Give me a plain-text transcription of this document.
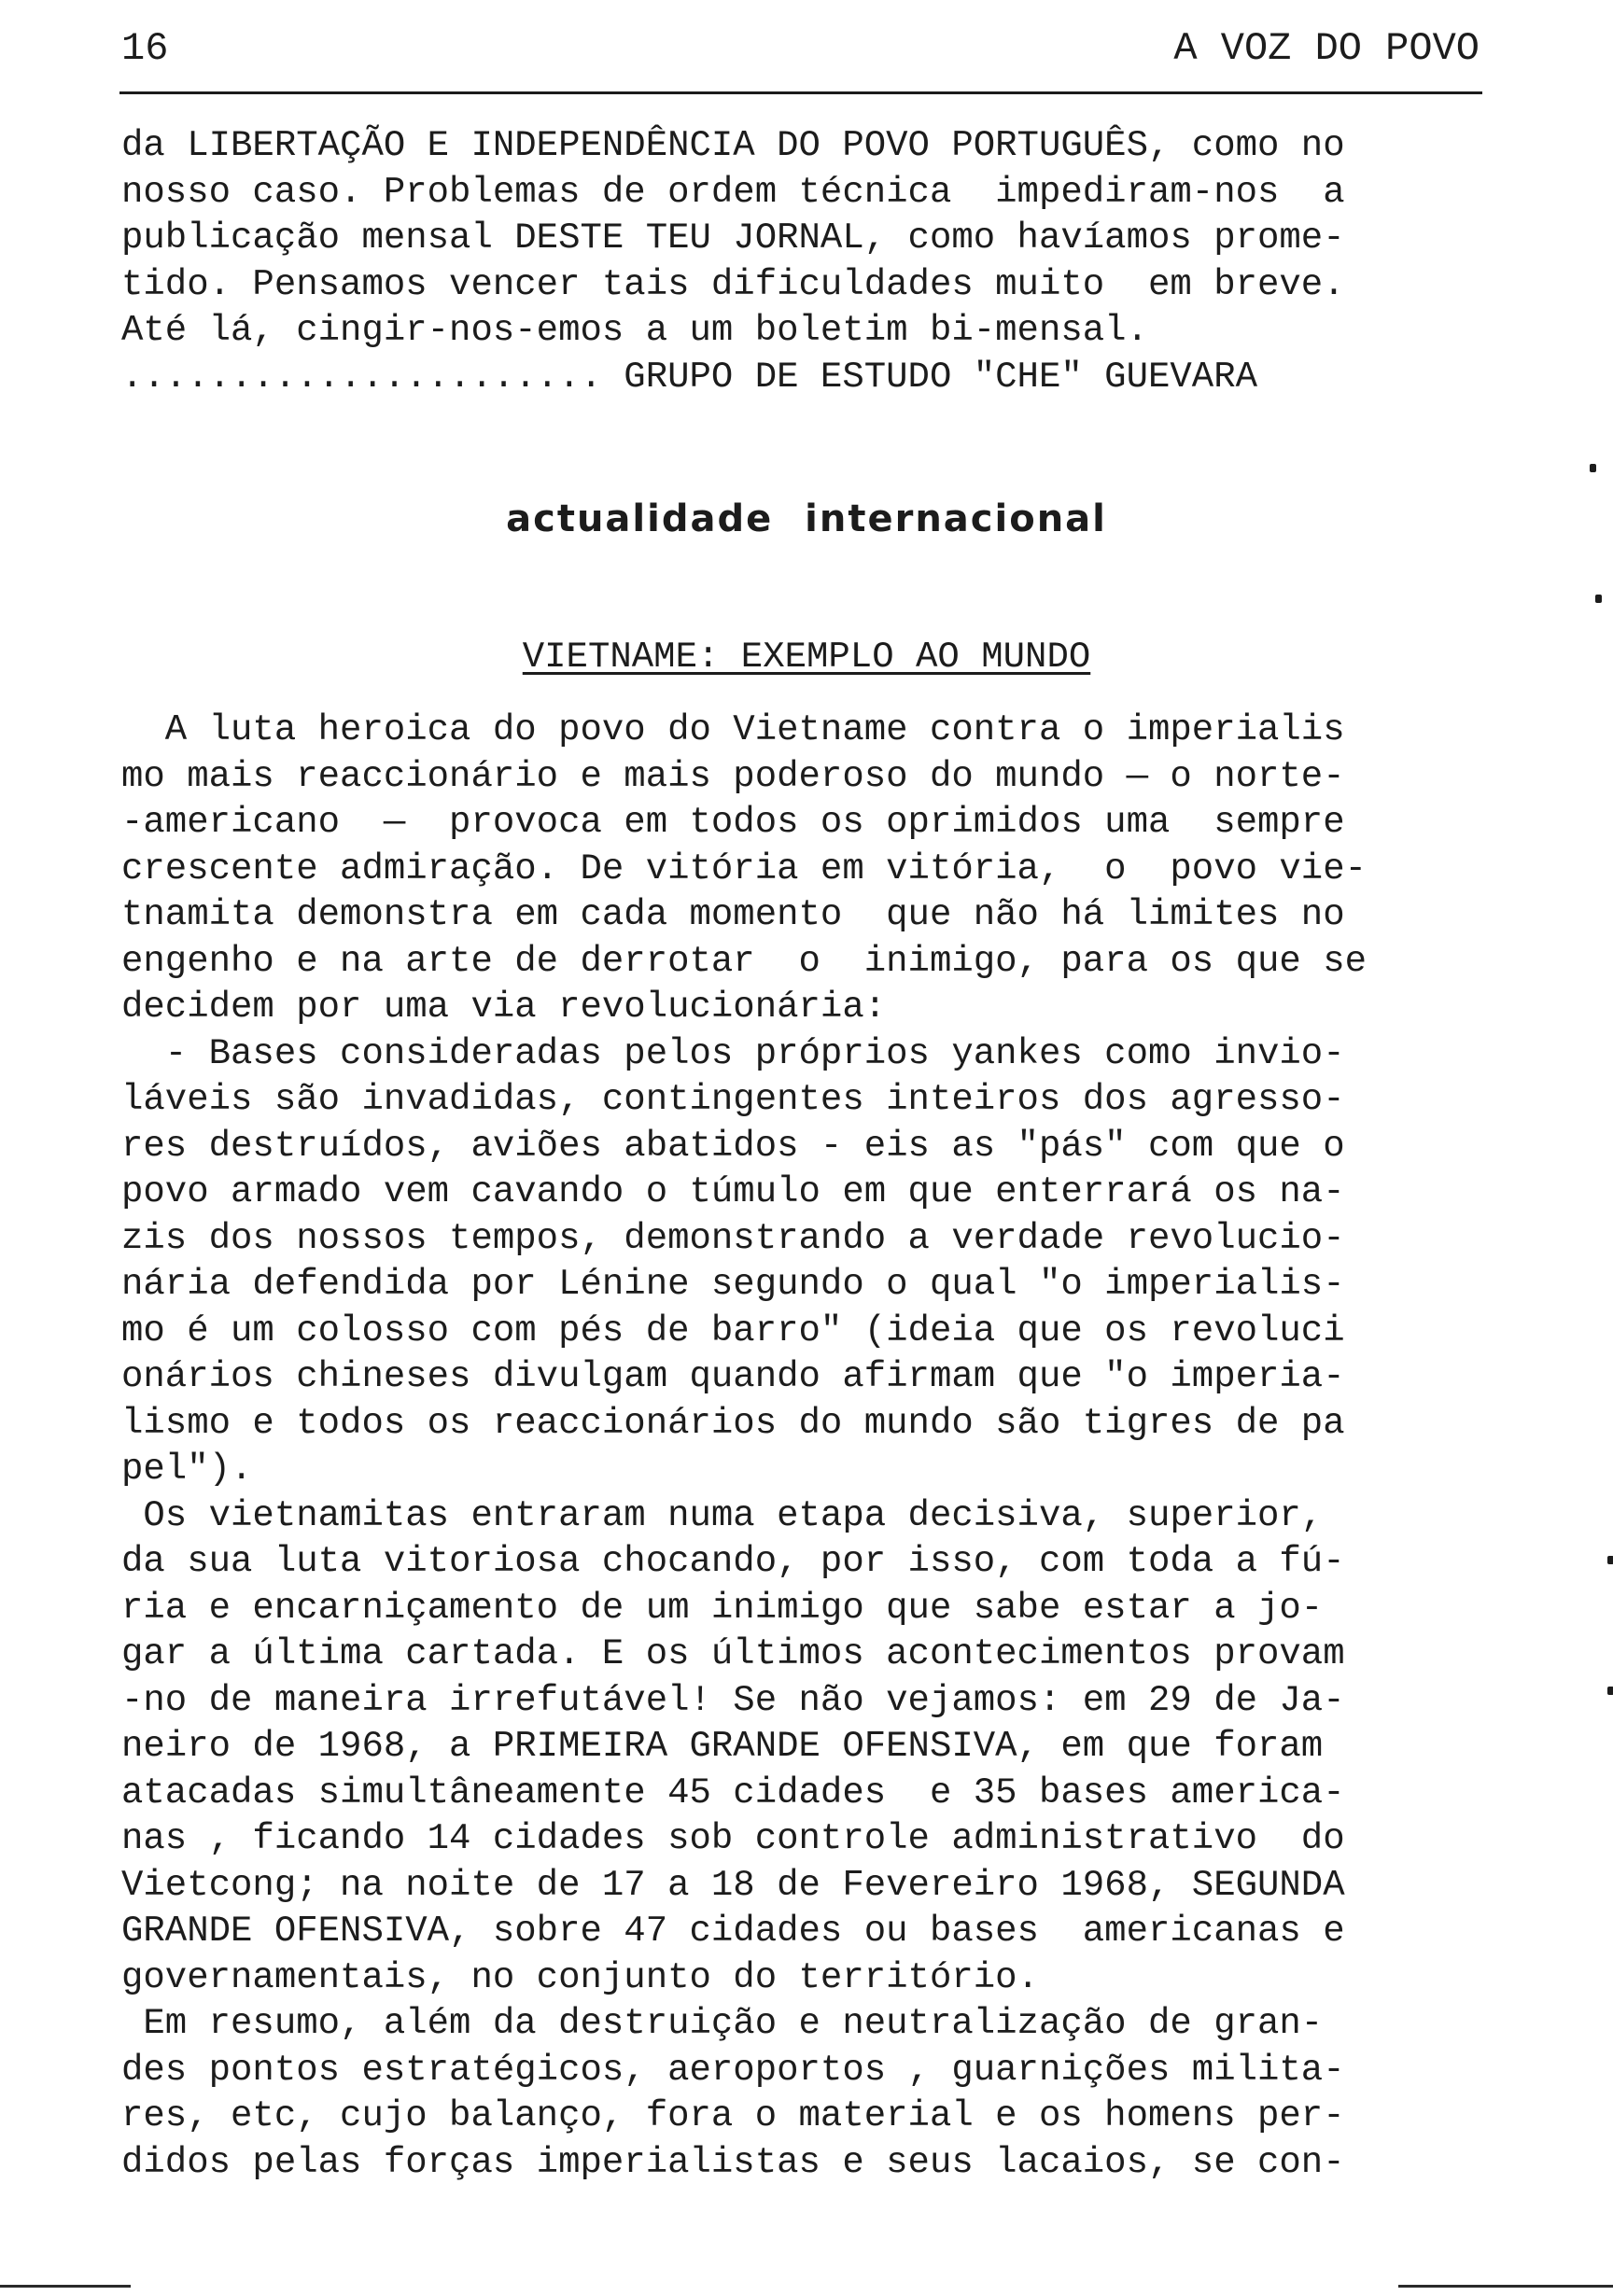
16	A VOZ DO POVO
da LIBERTAÇÃO E INDEPENDÊNCIA DO POVO PORTUGUÊS, como no
nosso caso. Problemas de ordem técnica  impediram-nos  a
publicação mensal DESTE TEU JORNAL, como havíamos prome-
tido. Pensamos vencer tais dificuldades muito  em breve.
Até lá, cingir-nos-emos a um boletim bi-mensal.
...................... GRUPO DE ESTUDO "CHE" GUEVARA
actualidade internacional
VIETNAME: EXEMPLO AO MUNDO
A luta heroica do povo do Vietname contra o imperialis
mo mais reaccionário e mais poderoso do mundo — o norte-
-americano  —  provoca em todos os oprimidos uma  sempre
crescente admiração. De vitória em vitória,  o  povo vie-
tnamita demonstra em cada momento  que não há limites no
engenho e na arte de derrotar  o  inimigo, para os que se
decidem por uma via revolucionária:
- Bases consideradas pelos próprios yankes como invio-
láveis são invadidas, contingentes inteiros dos agresso-
res destruídos, aviões abatidos - eis as "pás" com que o
povo armado vem cavando o túmulo em que enterrará os na-
zis dos nossos tempos, demonstrando a verdade revolucio-
nária defendida por Lénine segundo o qual "o imperialis-
mo é um colosso com pés de barro" (ideia que os revoluci
onários chineses divulgam quando afirmam que "o imperia-
lismo e todos os reaccionários do mundo são tigres de pa
pel").
Os vietnamitas entraram numa etapa decisiva, superior,
da sua luta vitoriosa chocando, por isso, com toda a fú-
ria e encarniçamento de um inimigo que sabe estar a jo-
gar a última cartada. E os últimos acontecimentos provam
-no de maneira irrefutável! Se não vejamos: em 29 de Ja-
neiro de 1968, a PRIMEIRA GRANDE OFENSIVA, em que foram
atacadas simultâneamente 45 cidades  e 35 bases america-
nas , ficando 14 cidades sob controle administrativo  do
Vietcong; na noite de 17 a 18 de Fevereiro 1968, SEGUNDA
GRANDE OFENSIVA, sobre 47 cidades ou bases  americanas e
governamentais, no conjunto do território.
Em resumo, além da destruição e neutralização de gran-
des pontos estratégicos, aeroportos , guarnições milita-
res, etc, cujo balanço, fora o material e os homens per-
didos pelas forças imperialistas e seus lacaios, se con-
